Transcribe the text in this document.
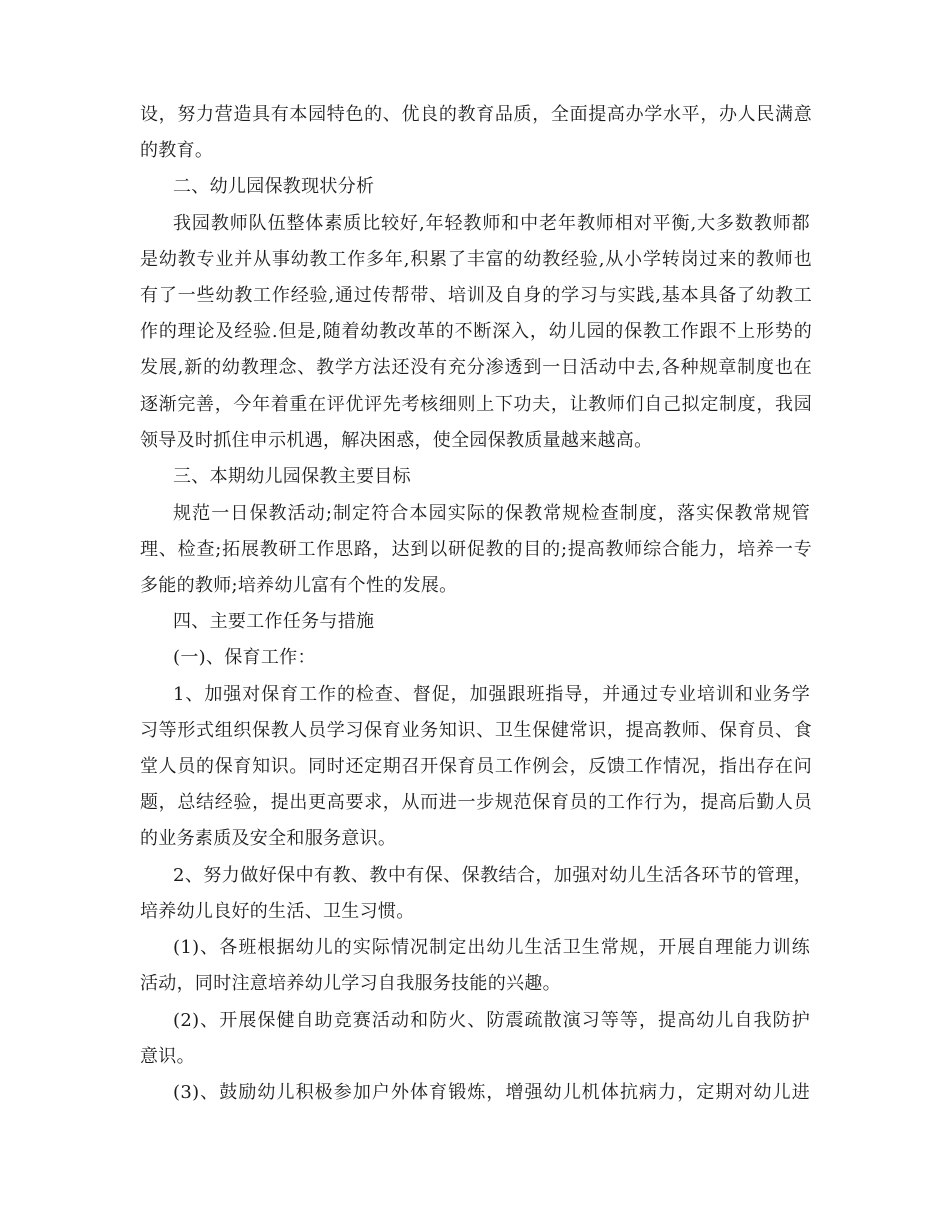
设，努力营造具有本园特色的、优良的教育品质，全面提高办学水平，办人民满意
的教育。
二、幼儿园保教现状分析
我园教师队伍整体素质比较好,年轻教师和中老年教师相对平衡,大多数教师都
是幼教专业并从事幼教工作多年,积累了丰富的幼教经验,从小学转岗过来的教师也
有了一些幼教工作经验,通过传帮带、培训及自身的学习与实践,基本具备了幼教工
作的理论及经验.但是,随着幼教改革的不断深入，幼儿园的保教工作跟不上形势的
发展,新的幼教理念、教学方法还没有充分渗透到一日活动中去,各种规章制度也在
逐渐完善，今年着重在评优评先考核细则上下功夫，让教师们自己拟定制度，我园
领导及时抓住申示机遇，解决困惑，使全园保教质量越来越高。
三、本期幼儿园保教主要目标
规范一日保教活动;制定符合本园实际的保教常规检查制度，落实保教常规管
理、检查;拓展教研工作思路，达到以研促教的目的;提高教师综合能力，培养一专
多能的教师;培养幼儿富有个性的发展。
四、主要工作任务与措施
(一)、保育工作：
1、加强对保育工作的检查、督促，加强跟班指导，并通过专业培训和业务学
习等形式组织保教人员学习保育业务知识、卫生保健常识，提高教师、保育员、食
堂人员的保育知识。同时还定期召开保育员工作例会，反馈工作情况，指出存在问
题，总结经验，提出更高要求，从而进一步规范保育员的工作行为，提高后勤人员
的业务素质及安全和服务意识。
2、努力做好保中有教、教中有保、保教结合，加强对幼儿生活各环节的管理，
培养幼儿良好的生活、卫生习惯。
(1)、各班根据幼儿的实际情况制定出幼儿生活卫生常规，开展自理能力训练
活动，同时注意培养幼儿学习自我服务技能的兴趣。
(2)、开展保健自助竞赛活动和防火、防震疏散演习等等，提高幼儿自我防护
意识。
(3)、鼓励幼儿积极参加户外体育锻炼，增强幼儿机体抗病力，定期对幼儿进
